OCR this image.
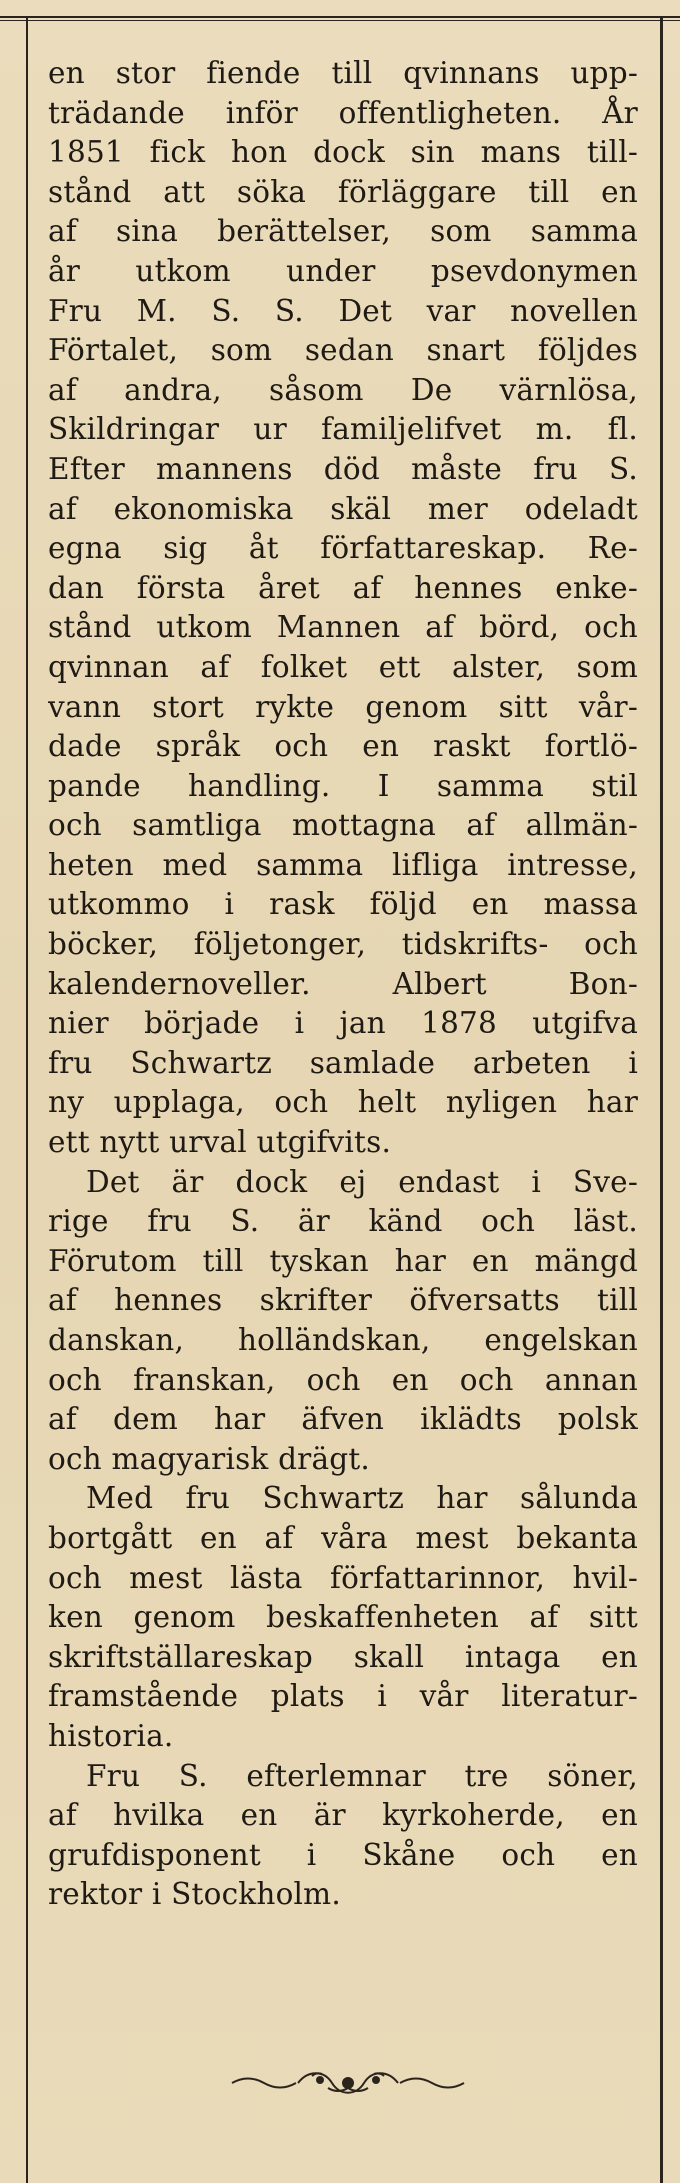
en stor fiende till qvinnans upp-
trädande inför offentligheten. År
1851 fick hon dock sin mans till-
stånd att söka förläggare till en
af sina berättelser, som samma
år utkom under psevdonymen
Fru M. S. S. Det var novellen
Förtalet, som sedan snart följdes
af andra, såsom De värnlösa,
Skildringar ur familjelifvet m. fl.
Efter mannens död måste fru S.
af ekonomiska skäl mer odeladt
egna sig åt författareskap. Re-
dan första året af hennes enke-
stånd utkom Mannen af börd, och
qvinnan af folket ett alster, som
vann stort rykte genom sitt vår-
dade språk och en raskt fortlö-
pande handling. I samma stil
och samtliga mottagna af allmän-
heten med samma lifliga intresse,
utkommo i rask följd en massa
böcker, följetonger, tidskrifts- och
kalendernoveller. Albert Bon-
nier började i jan 1878 utgifva
fru Schwartz samlade arbeten i
ny upplaga, och helt nyligen har
ett nytt urval utgifvits.
Det är dock ej endast i Sve-
rige fru S. är känd och läst.
Förutom till tyskan har en mängd
af hennes skrifter öfversatts till
danskan, holländskan, engelskan
och franskan, och en och annan
af dem har äfven iklädts polsk
och magyarisk drägt.
Med fru Schwartz har sålunda
bortgått en af våra mest bekanta
och mest lästa författarinnor, hvil-
ken genom beskaffenheten af sitt
skriftställareskap skall intaga en
framstående plats i vår literatur-
historia.
Fru S. efterlemnar tre söner,
af hvilka en är kyrkoherde, en
grufdisponent i Skåne och en
rektor i Stockholm.
